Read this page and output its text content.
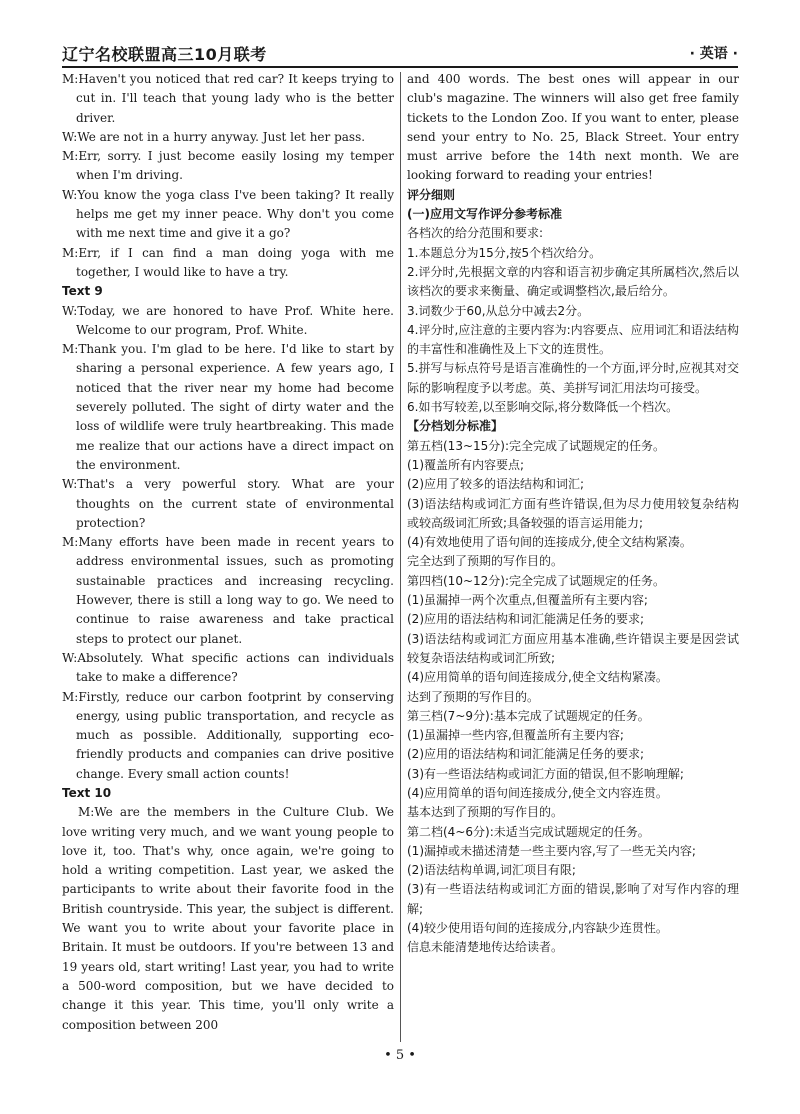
辽宁名校联盟高三10月联考	· 英语 ·

M:Haven't you noticed that red car? It keeps trying to cut in. I'll teach that young lady who is the better driver.

W:We are not in a hurry anyway. Just let her pass.

M:Err, sorry. I just become easily losing my temper when I'm driving.

W:You know the yoga class I've been taking? It really helps me get my inner peace. Why don't you come with me next time and give it a go?

M:Err, if I can find a man doing yoga with me together, I would like to have a try.

Text 9

W:Today, we are honored to have Prof. White here. Welcome to our program, Prof. White.

M:Thank you. I'm glad to be here. I'd like to start by sharing a personal experience. A few years ago, I noticed that the river near my home had become severely polluted. The sight of dirty water and the loss of wildlife were truly heartbreaking. This made me realize that our actions have a direct impact on the environment.

W:That's a very powerful story. What are your thoughts on the current state of environmental protection?

M:Many efforts have been made in recent years to address environmental issues, such as promoting sustainable practices and increasing recycling. However, there is still a long way to go. We need to continue to raise awareness and take practical steps to protect our planet.

W:Absolutely. What specific actions can individuals take to make a difference?

M:Firstly, reduce our carbon footprint by conserving energy, using public transportation, and recycle as much as possible. Additionally, supporting eco-friendly products and companies can drive positive change. Every small action counts!

Text 10

M:We are the members in the Culture Club. We love writing very much, and we want young people to love it, too. That's why, once again, we're going to hold a writing competition. Last year, we asked the participants to write about their favorite food in the British countryside. This year, the subject is different. We want you to write about your favorite place in Britain. It must be outdoors. If you're between 13 and 19 years old, start writing! Last year, you had to write a 500-word composition, but we have decided to change it this year. This time, you'll only write a composition between 200

and 400 words. The best ones will appear in our club's magazine. The winners will also get free family tickets to the London Zoo. If you want to enter, please send your entry to No. 25, Black Street. Your entry must arrive before the 14th next month. We are looking forward to reading your entries!

评分细则

(一)应用文写作评分参考标准

各档次的给分范围和要求:

1.本题总分为15分,按5个档次给分。

2.评分时,先根据文章的内容和语言初步确定其所属档次,然后以该档次的要求来衡量、确定或调整档次,最后给分。

3.词数少于60,从总分中减去2分。

4.评分时,应注意的主要内容为:内容要点、应用词汇和语法结构的丰富性和准确性及上下文的连贯性。

5.拼写与标点符号是语言准确性的一个方面,评分时,应视其对交际的影响程度予以考虑。英、美拼写词汇用法均可接受。

6.如书写较差,以至影响交际,将分数降低一个档次。

【分档划分标准】

第五档(13~15分):完全完成了试题规定的任务。

(1)覆盖所有内容要点;

(2)应用了较多的语法结构和词汇;

(3)语法结构或词汇方面有些许错误,但为尽力使用较复杂结构或较高级词汇所致;具备较强的语言运用能力;

(4)有效地使用了语句间的连接成分,使全文结构紧凑。

完全达到了预期的写作目的。

第四档(10~12分):完全完成了试题规定的任务。

(1)虽漏掉一两个次重点,但覆盖所有主要内容;

(2)应用的语法结构和词汇能满足任务的要求;

(3)语法结构或词汇方面应用基本准确,些许错误主要是因尝试较复杂语法结构或词汇所致;

(4)应用简单的语句间连接成分,使全文结构紧凑。

达到了预期的写作目的。

第三档(7~9分):基本完成了试题规定的任务。

(1)虽漏掉一些内容,但覆盖所有主要内容;

(2)应用的语法结构和词汇能满足任务的要求;

(3)有一些语法结构或词汇方面的错误,但不影响理解;

(4)应用简单的语句间连接成分,使全文内容连贯。

基本达到了预期的写作目的。

第二档(4~6分):未适当完成试题规定的任务。

(1)漏掉或未描述清楚一些主要内容,写了一些无关内容;

(2)语法结构单调,词汇项目有限;

(3)有一些语法结构或词汇方面的错误,影响了对写作内容的理解;

(4)较少使用语句间的连接成分,内容缺少连贯性。

信息未能清楚地传达给读者。

• 5 •
